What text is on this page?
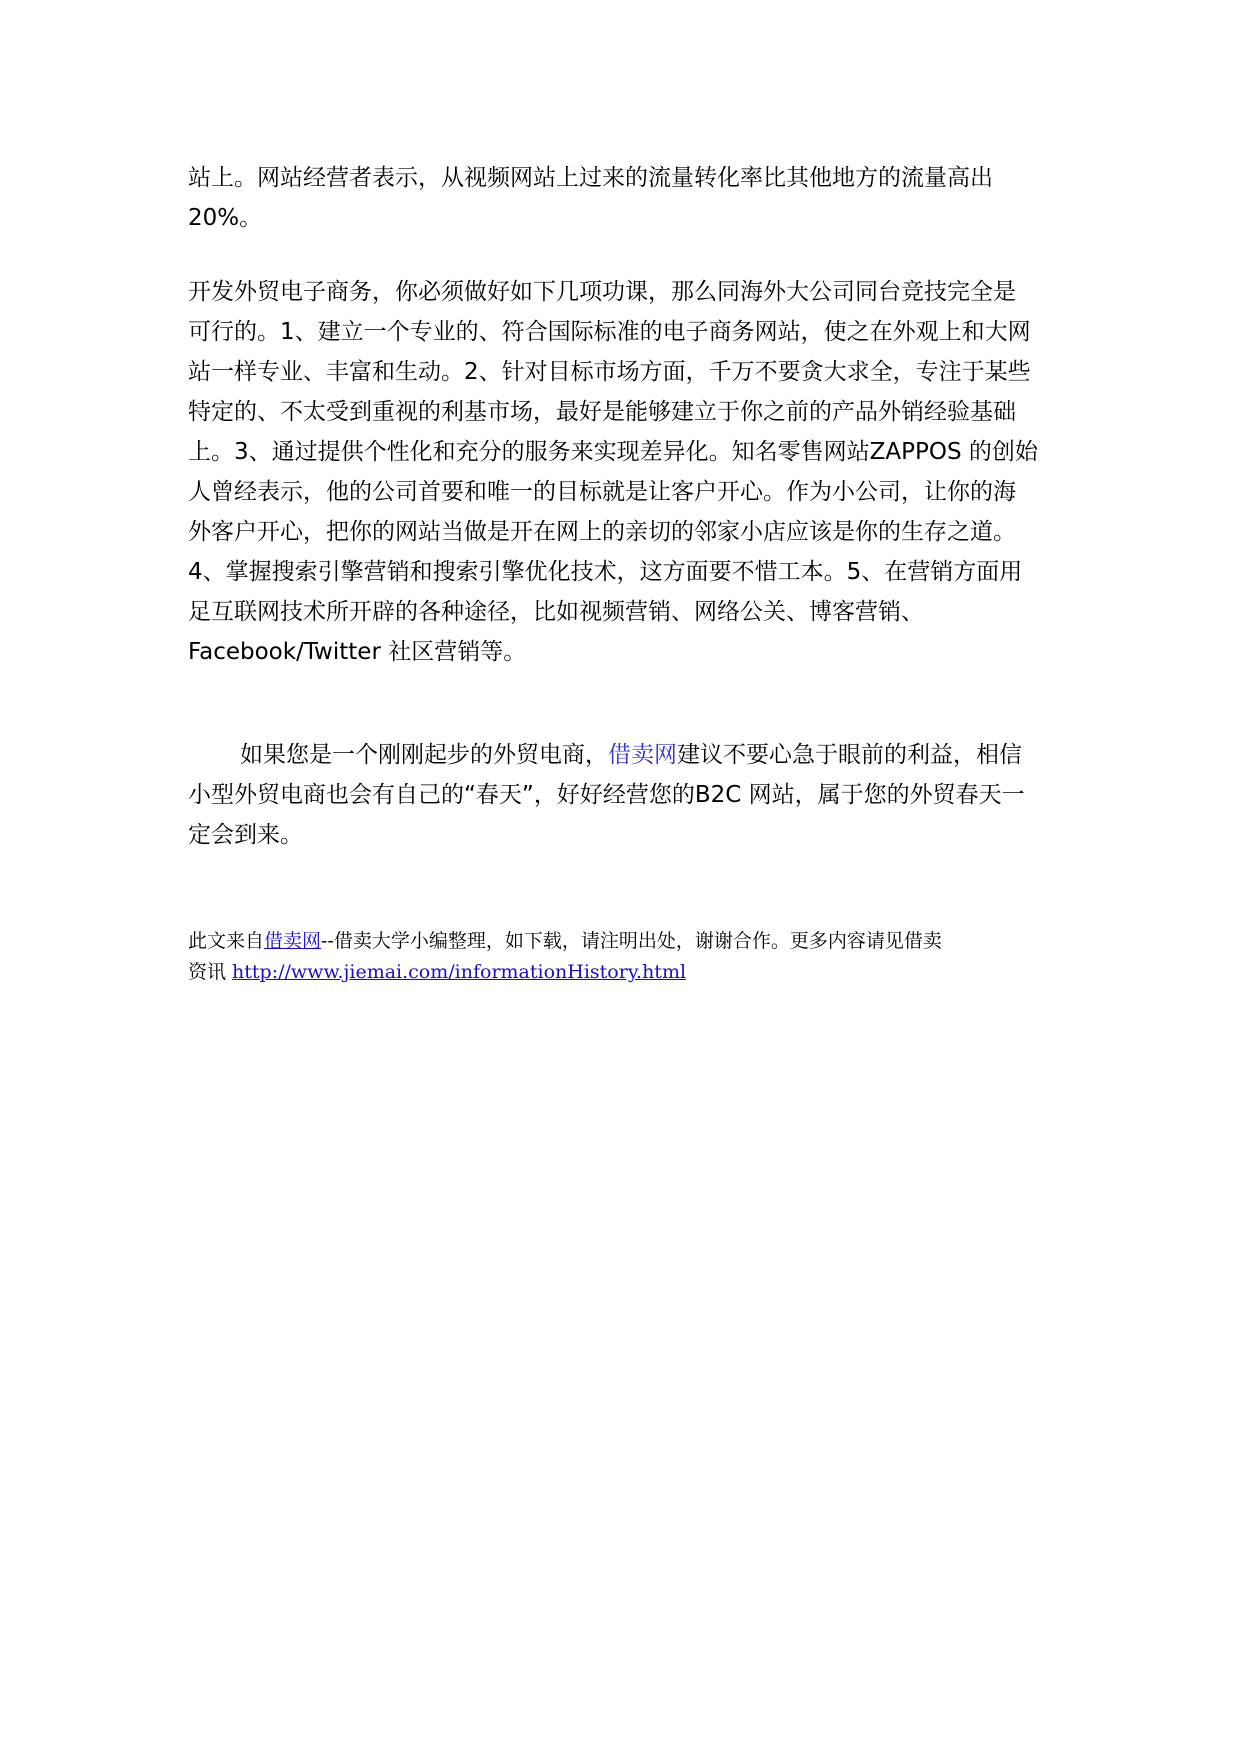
站上。网站经营者表示，从视频网站上过来的流量转化率比其他地方的流量高出
20%。

开发外贸电子商务，你必须做好如下几项功课，那么同海外大公司同台竞技完全是
可行的。1、建立一个专业的、符合国际标准的电子商务网站，使之在外观上和大网
站一样专业、丰富和生动。2、针对目标市场方面，千万不要贪大求全，专注于某些
特定的、不太受到重视的利基市场，最好是能够建立于你之前的产品外销经验基础
上。3、通过提供个性化和充分的服务来实现差异化。知名零售网站ZAPPOS 的创始
人曾经表示，他的公司首要和唯一的目标就是让客户开心。作为小公司，让你的海
外客户开心，把你的网站当做是开在网上的亲切的邻家小店应该是你的生存之道。
4、掌握搜索引擎营销和搜索引擎优化技术，这方面要不惜工本。5、在营销方面用
足互联网技术所开辟的各种途径，比如视频营销、网络公关、博客营销、
Facebook/Twitter 社区营销等。

如果您是一个刚刚起步的外贸电商，借卖网建议不要心急于眼前的利益，相信
小型外贸电商也会有自己的“春天”，好好经营您的B2C 网站，属于您的外贸春天一
定会到来。

此文来自借卖网--借卖大学小编整理，如下载，请注明出处，谢谢合作。更多内容请见借卖
资讯 http://www.jiemai.com/informationHistory.html
